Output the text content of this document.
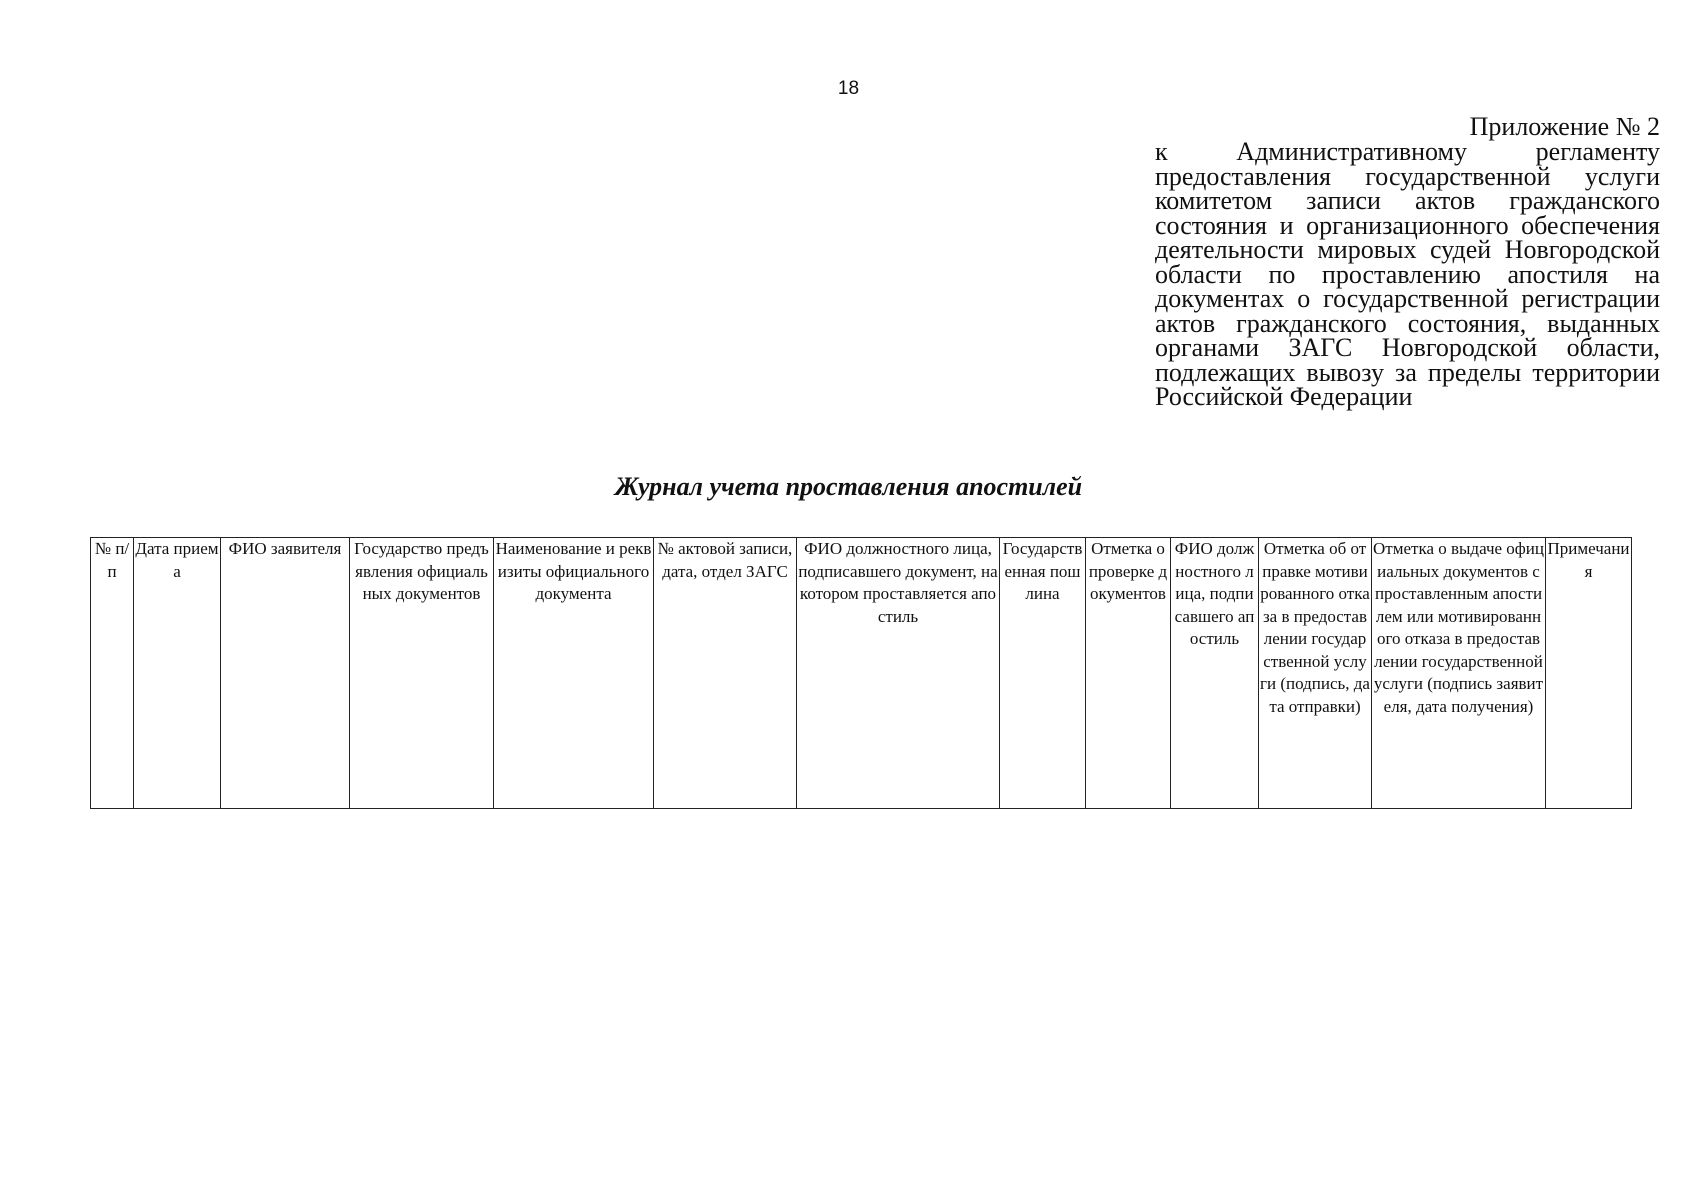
18

Приложение № 2

к Административному регламенту предоставления государственной услуги комитетом записи актов гражданского состояния и организационного обеспечения деятельности мировых судей Новгородской области по проставлению апостиля на документах о государственной регистрации актов гражданского состояния, выданных органами ЗАГС Новгородской области, подлежащих вывозу за пределы территории Российской Федерации

Журнал учета проставления апостилей
№ п/п	Дата приема	ФИО заявителя	Государство предъявления официальных документов	Наименование и реквизиты официального документа	№ актовой записи, дата, отдел ЗАГС	ФИО должностного лица, подписавшего документ, на котором проставляется апостиль	Государственная пошлина	Отметка о проверке документов	ФИО должностного лица, подписавшего апостиль	Отметка об отправке мотивированного отказа в предоставлении государственной услуги (подпись, дата отправки)	Отметка о выдаче официальных документов с проставленным апостилем или мотивированного отказа в предоставлении государственной услуги (подпись заявителя, дата получения)	Примечания
